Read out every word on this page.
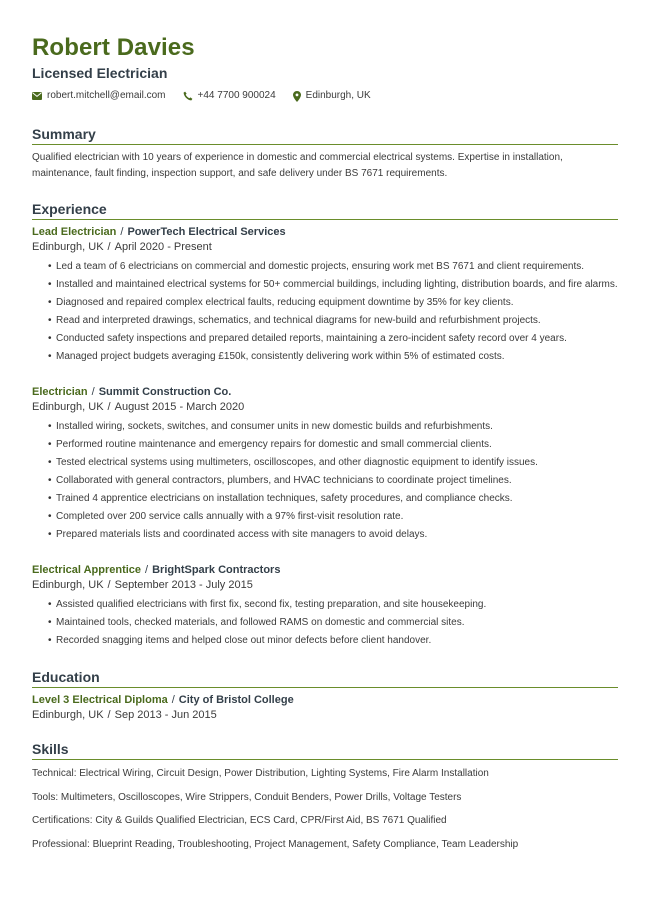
Robert Davies
Licensed Electrician
robert.mitchell@email.com	+44 7700 900024	Edinburgh, UK
Summary
Qualified electrician with 10 years of experience in domestic and commercial electrical systems. Expertise in installation, maintenance, fault finding, inspection support, and safe delivery under BS 7671 requirements.
Experience
Lead Electrician / PowerTech Electrical Services
Edinburgh, UK / April 2020 - Present
• Led a team of 6 electricians on commercial and domestic projects, ensuring work met BS 7671 and client requirements.
• Installed and maintained electrical systems for 50+ commercial buildings, including lighting, distribution boards, and fire alarms.
• Diagnosed and repaired complex electrical faults, reducing equipment downtime by 35% for key clients.
• Read and interpreted drawings, schematics, and technical diagrams for new-build and refurbishment projects.
• Conducted safety inspections and prepared detailed reports, maintaining a zero-incident safety record over 4 years.
• Managed project budgets averaging £150k, consistently delivering work within 5% of estimated costs.
Electrician / Summit Construction Co.
Edinburgh, UK / August 2015 - March 2020
• Installed wiring, sockets, switches, and consumer units in new domestic builds and refurbishments.
• Performed routine maintenance and emergency repairs for domestic and small commercial clients.
• Tested electrical systems using multimeters, oscilloscopes, and other diagnostic equipment to identify issues.
• Collaborated with general contractors, plumbers, and HVAC technicians to coordinate project timelines.
• Trained 4 apprentice electricians on installation techniques, safety procedures, and compliance checks.
• Completed over 200 service calls annually with a 97% first-visit resolution rate.
• Prepared materials lists and coordinated access with site managers to avoid delays.
Electrical Apprentice / BrightSpark Contractors
Edinburgh, UK / September 2013 - July 2015
• Assisted qualified electricians with first fix, second fix, testing preparation, and site housekeeping.
• Maintained tools, checked materials, and followed RAMS on domestic and commercial sites.
• Recorded snagging items and helped close out minor defects before client handover.
Education
Level 3 Electrical Diploma / City of Bristol College
Edinburgh, UK / Sep 2013 - Jun 2015
Skills
Technical: Electrical Wiring, Circuit Design, Power Distribution, Lighting Systems, Fire Alarm Installation
Tools: Multimeters, Oscilloscopes, Wire Strippers, Conduit Benders, Power Drills, Voltage Testers
Certifications: City & Guilds Qualified Electrician, ECS Card, CPR/First Aid, BS 7671 Qualified
Professional: Blueprint Reading, Troubleshooting, Project Management, Safety Compliance, Team Leadership
